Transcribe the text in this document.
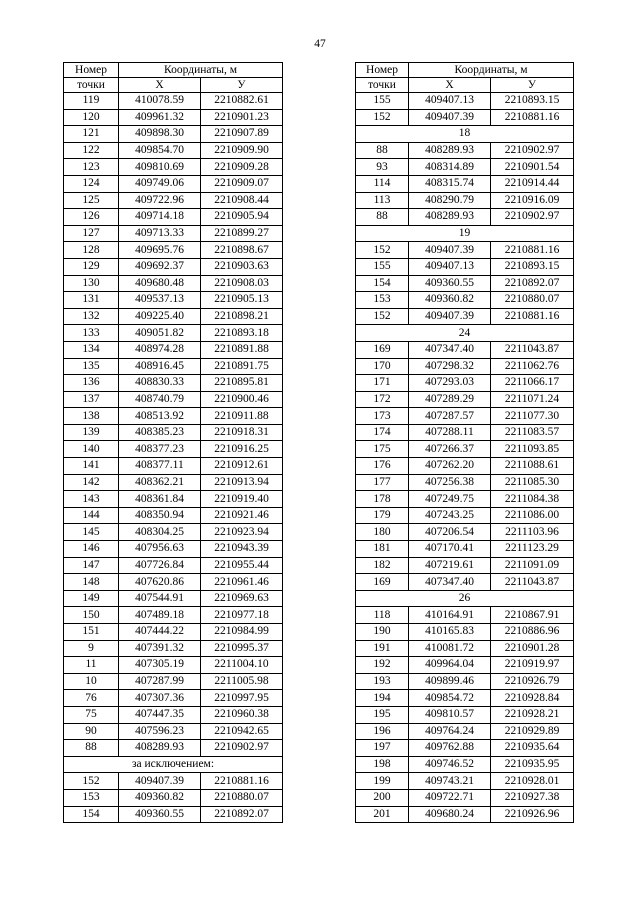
47
Номер	Координаты, м	
точки	X	У
119	410078.59	2210882.61
120	409961.32	2210901.23
121	409898.30	2210907.89
122	409854.70	2210909.90
123	409810.69	2210909.28
124	409749.06	2210909.07
125	409722.96	2210908.44
126	409714.18	2210905.94
127	409713.33	2210899.27
128	409695.76	2210898.67
129	409692.37	2210903.63
130	409680.48	2210908.03
131	409537.13	2210905.13
132	409225.40	2210898.21
133	409051.82	2210893.18
134	408974.28	2210891.88
135	408916.45	2210891.75
136	408830.33	2210895.81
137	408740.79	2210900.46
138	408513.92	2210911.88
139	408385.23	2210918.31
140	408377.23	2210916.25
141	408377.11	2210912.61
142	408362.21	2210913.94
143	408361.84	2210919.40
144	408350.94	2210921.46
145	408304.25	2210923.94
146	407956.63	2210943.39
147	407726.84	2210955.44
148	407620.86	2210961.46
149	407544.91	2210969.63
150	407489.18	2210977.18
151	407444.22	2210984.99
9	407391.32	2210995.37
11	407305.19	2211004.10
10	407287.99	2211005.98
76	407307.36	2210997.95
75	407447.35	2210960.38
90	407596.23	2210942.65
88	408289.93	2210902.97
за исключением:		
152	409407.39	2210881.16
153	409360.82	2210880.07
154	409360.55	2210892.07
Номер	Координаты, м	
точки	X	У
155	409407.13	2210893.15
152	409407.39	2210881.16
18		
88	408289.93	2210902.97
93	408314.89	2210901.54
114	408315.74	2210914.44
113	408290.79	2210916.09
88	408289.93	2210902.97
19		
152	409407.39	2210881.16
155	409407.13	2210893.15
154	409360.55	2210892.07
153	409360.82	2210880.07
152	409407.39	2210881.16
24		
169	407347.40	2211043.87
170	407298.32	2211062.76
171	407293.03	2211066.17
172	407289.29	2211071.24
173	407287.57	2211077.30
174	407288.11	2211083.57
175	407266.37	2211093.85
176	407262.20	2211088.61
177	407256.38	2211085.30
178	407249.75	2211084.38
179	407243.25	2211086.00
180	407206.54	2211103.96
181	407170.41	2211123.29
182	407219.61	2211091.09
169	407347.40	2211043.87
26		
118	410164.91	2210867.91
190	410165.83	2210886.96
191	410081.72	2210901.28
192	409964.04	2210919.97
193	409899.46	2210926.79
194	409854.72	2210928.84
195	409810.57	2210928.21
196	409764.24	2210929.89
197	409762.88	2210935.64
198	409746.52	2210935.95
199	409743.21	2210928.01
200	409722.71	2210927.38
201	409680.24	2210926.96
